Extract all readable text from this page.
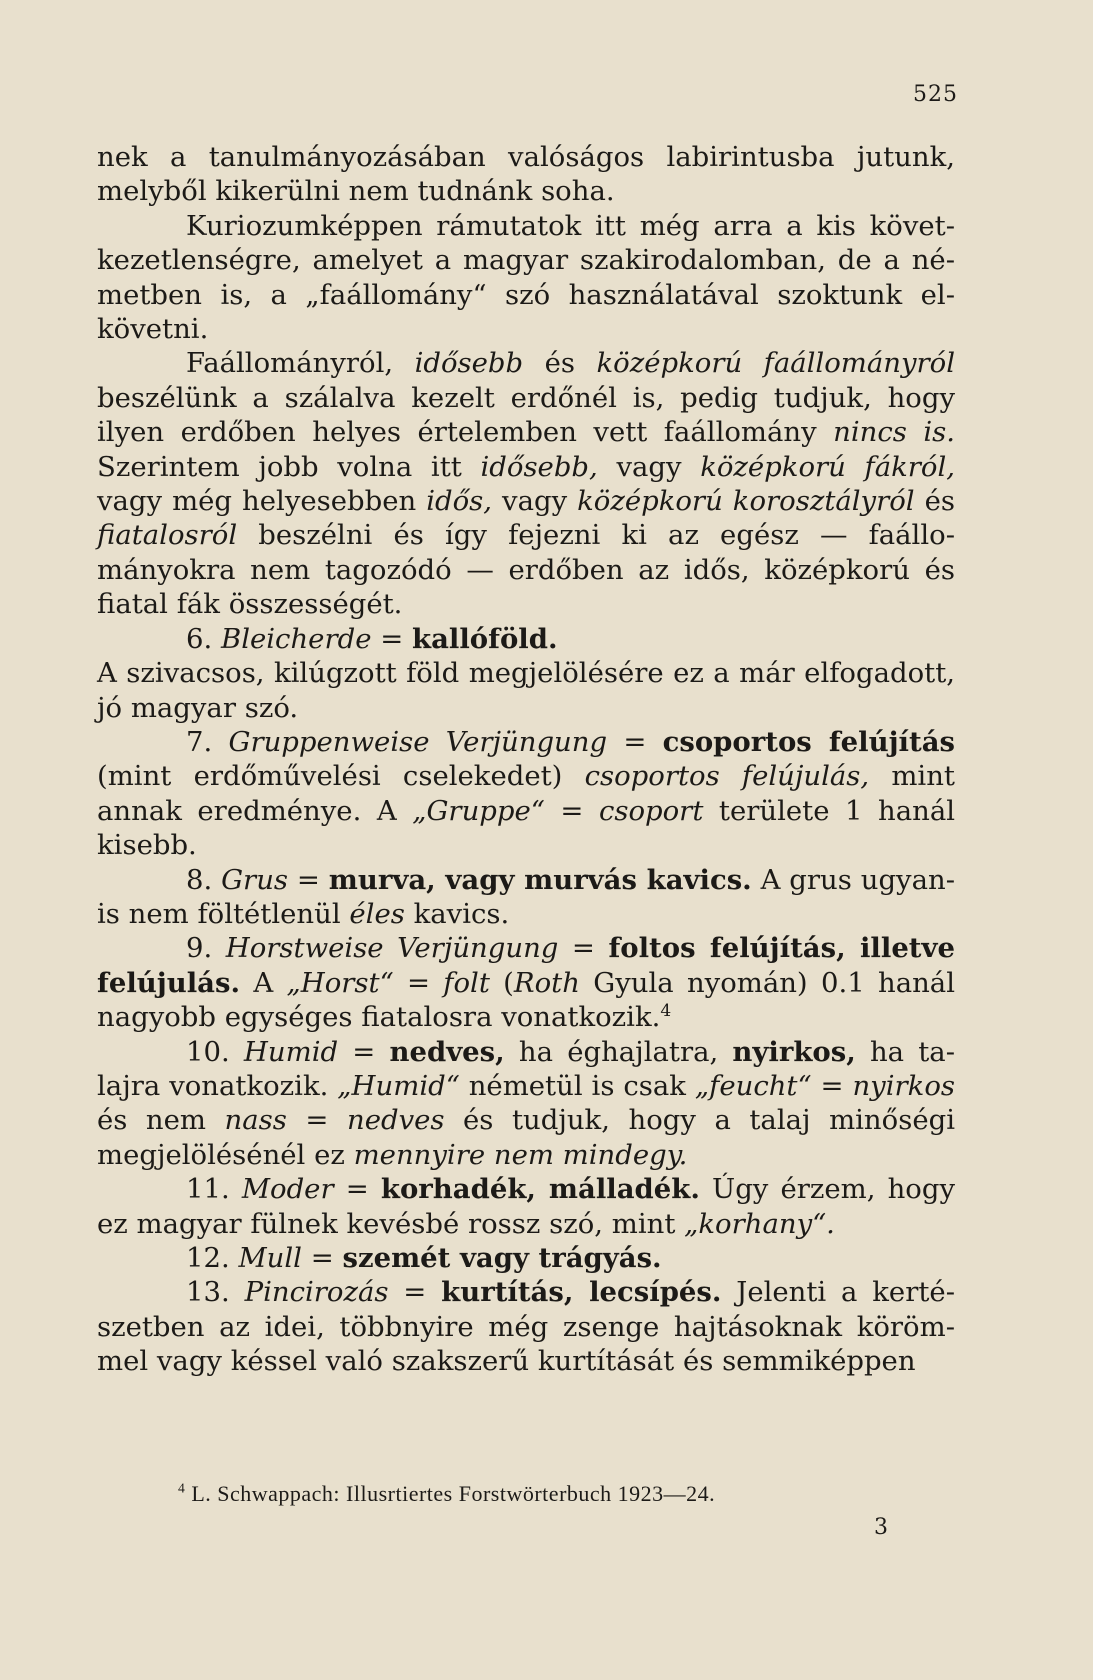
525

nek a tanulmányozásában valóságos labirintusba jutunk, melyből kikerülni nem tudnánk soha.

Kuriozumképpen rámutatok itt még arra a kis következetlenségre, amelyet a magyar szakirodalomban, de a németben is, a „faállomány“ szó használatával szoktunk elkövetni.

Faállományról, idősebb és középkorú faállományról beszélünk a szálalva kezelt erdőnél is, pedig tudjuk, hogy ilyen erdőben helyes értelemben vett faállomány nincs is. Szerintem jobb volna itt idősebb, vagy középkorú fákról, vagy még helyesebben idős, vagy középkorú korosztályról és fiatalosról beszélni és így fejezni ki az egész — faállományokra nem tagozódó — erdőben az idős, középkorú és fiatal fák összességét.

6. Bleicherde = kallóföld.

A szivacsos, kilúgzott föld megjelölésére ez a már elfogadott, jó magyar szó.

7. Gruppenweise Verjüngung = csoportos felújítás (mint erdőművelési cselekedet) csoportos felújulás, mint annak eredménye. A „Gruppe“ = csoport területe 1 hanál kisebb.

8. Grus = murva, vagy murvás kavics. A grus ugyanis nem föltétlenül éles kavics.

9. Horstweise Verjüngung = foltos felújítás, illetve felújulás. A „Horst“ = folt (Roth Gyula nyomán) 0.1 hanál nagyobb egységes fiatalosra vonatkozik.$^4$

10. Humid = nedves, ha éghajlatra, nyirkos, ha talajra vonatkozik. „Humid“ németül is csak „feucht“ = nyirkos és nem nass = nedves és tudjuk, hogy a talaj minőségi megjelölésénél ez mennyire nem mindegy.

11. Moder = korhadék, málladék. Úgy érzem, hogy ez magyar fülnek kevésbé rossz szó, mint „korhany“.

12. Mull = szemét vagy trágyás.

13. Pincirozás = kurtítás, lecsípés. Jelenti a kertészetben az idei, többnyire még zsenge hajtásoknak körömmel vagy késsel való szakszerű kurtítását és semmiképpen

$^4$ L. Schwappach: Illusrtiertes Forstwörterbuch 1923—24.
3
